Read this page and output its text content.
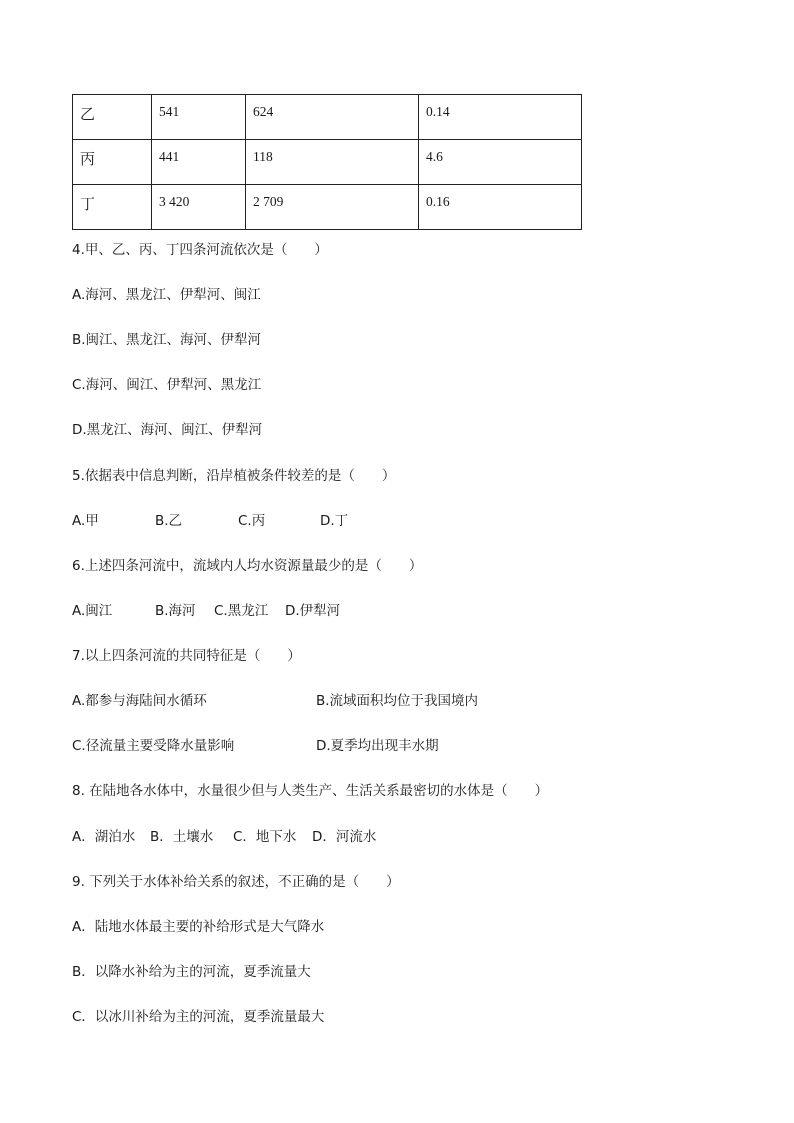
乙	541	624	0.14
丙	441	118	4.6
丁	3 420	2 709	0.16
4.甲、乙、丙、丁四条河流依次是（　　）
A.海河、黑龙江、伊犁河、闽江
B.闽江、黑龙江、海河、伊犁河
C.海河、闽江、伊犁河、黑龙江
D.黑龙江、海河、闽江、伊犁河
5.依据表中信息判断，沿岸植被条件较差的是（　　）
A.甲	B.乙	C.丙	D.丁
6.上述四条河流中，流域内人均水资源量最少的是（　　）
A.闽江	B.海河	C.黑龙江	D.伊犁河
7.以上四条河流的共同特征是（　　）
A.都参与海陆间水循环	B.流域面积均位于我国境内
C.径流量主要受降水量影响	D.夏季均出现丰水期
8. 在陆地各水体中，水量很少但与人类生产、生活关系最密切的水体是（　　）
A．湖泊水	B．土壤水	C．地下水	D．河流水
9. 下列关于水体补给关系的叙述，不正确的是（　　）
A．陆地水体最主要的补给形式是大气降水
B．以降水补给为主的河流，夏季流量大
C．以冰川补给为主的河流，夏季流量最大
